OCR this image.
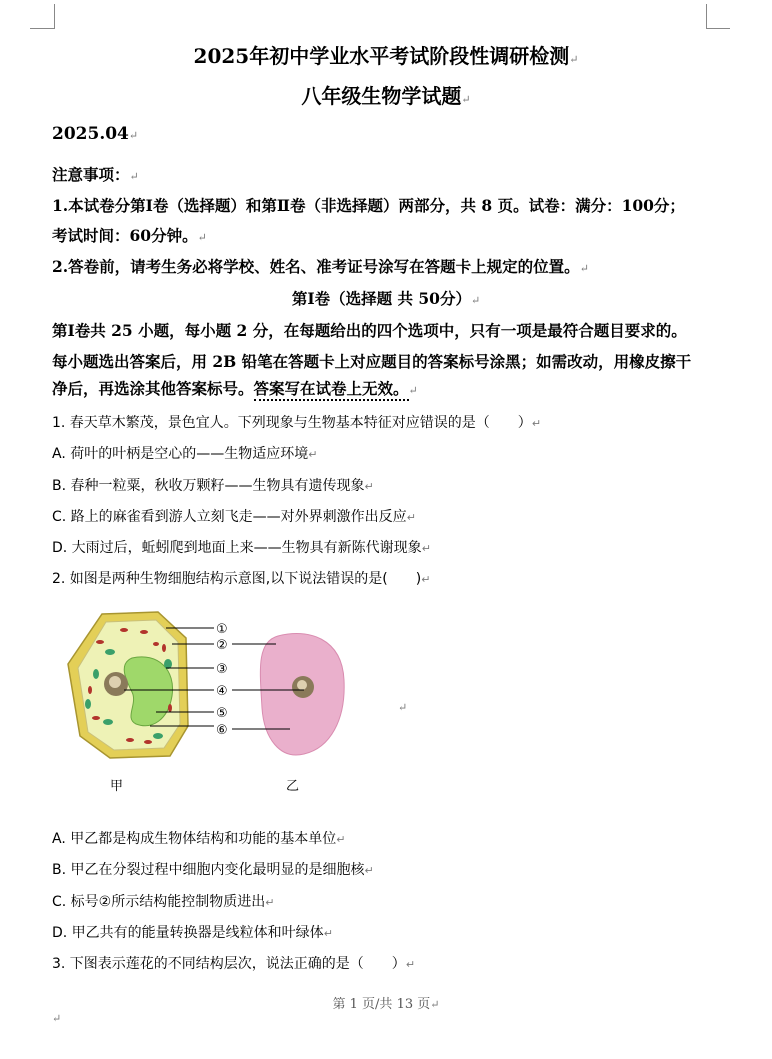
2025年初中学业水平考试阶段性调研检测↵
八年级生物学试题↵
2025.04↵
注意事项：↵
1.本试卷分第Ⅰ卷（选择题）和第Ⅱ卷（非选择题）两部分，共 8 页。试卷：满分：100分；
考试时间：60分钟。↵
2.答卷前，请考生务必将学校、姓名、准考证号涂写在答题卡上规定的位置。↵
第Ⅰ卷（选择题 共 50分）↵
第Ⅰ卷共 25 小题，每小题 2 分，在每题给出的四个选项中，只有一项是最符合题目要求的。
每小题选出答案后，用 2B 铅笔在答题卡上对应题目的答案标号涂黑；如需改动，用橡皮擦干
净后，再选涂其他答案标号。答案写在试卷上无效。↵
1. 春天草木繁茂，景色宜人。下列现象与生物基本特征对应错误的是（　　）↵
A. 荷叶的叶柄是空心的——生物适应环境↵
B. 春种一粒粟，秋收万颗籽——生物具有遗传现象↵
C. 路上的麻雀看到游人立刻飞走——对外界刺激作出反应↵
D. 大雨过后，蚯蚓爬到地面上来——生物具有新陈代谢现象↵
2. 如图是两种生物细胞结构示意图,以下说法错误的是(　　)↵
①
②
③
④
⑤
⑥
甲	乙
↵
A. 甲乙都是构成生物体结构和功能的基本单位↵
B. 甲乙在分裂过程中细胞内变化最明显的是细胞核↵
C. 标号②所示结构能控制物质进出↵
D. 甲乙共有的能量转换器是线粒体和叶绿体↵
3. 下图表示莲花的不同结构层次，说法正确的是（　　）↵
第 1 页/共 13 页↵
↵
